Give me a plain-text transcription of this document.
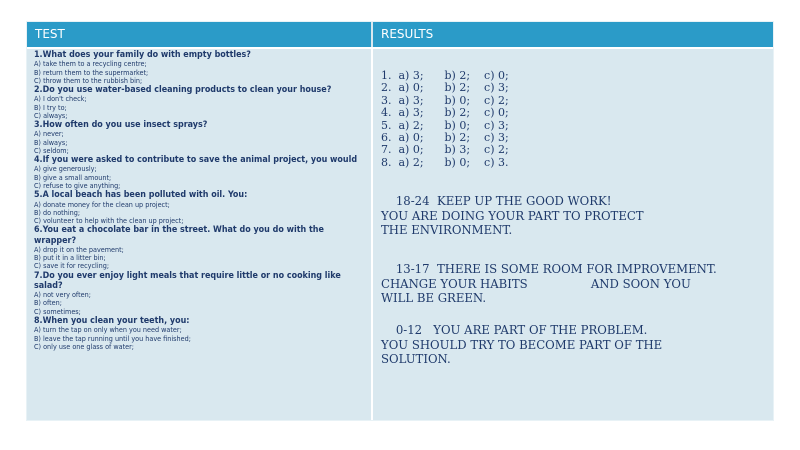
TEST	RESULTS
1.What does your family do with empty bottles?
A) take them to a recycling centre;
B) return them to the supermarket;
C) throw them to the rubbish bin;
2.Do you use water-based cleaning products to clean your house?
A) I don't check;
B) I try to;
C) always;
3.How often do you use insect sprays?
A) never;
B) always;
C) seldom;
4.If you were asked to contribute to save the animal project, you would
A) give generously;
B) give a small amount;
C) refuse to give anything;
5.A local beach has been polluted with oil. You:
A) donate money for the clean up project;
B) do nothing;
C) volunteer to help with the clean up project;
6.You eat a chocolate bar in the street. What do you do with the wrapper?
A) drop it on the pavement;
B) put it in a litter bin;
C) save it for recycling;
7.Do you ever enjoy light meals that require little or no cooking like salad?
A) not very often;
B) often;
C) sometimes;
8.When you clean your teeth, you:
A) turn the tap on only when you need water;
B) leave the tap running until you have finished;
C) only use one glass of water;
1.  a) 3;      b) 2;    c) 0;
2.  a) 0;      b) 2;    c) 3;
3.  a) 3;      b) 0;    c) 2;
4.  a) 3;      b) 2;    c) 0;
5.  a) 2;      b) 0;    c) 3;
6.  a) 0;      b) 2;    c) 3;
7.  a) 0;      b) 3;    c) 2;
8.  a) 2;      b) 0;    c) 3.
18-24  KEEP UP THE GOOD WORK!
YOU ARE DOING YOUR PART TO PROTECT
THE ENVIRONMENT.
13-17  THERE IS SOME ROOM FOR IMPROVEMENT.
CHANGE YOUR HABITS                 AND SOON YOU
WILL BE GREEN.
0-12   YOU ARE PART OF THE PROBLEM.
YOU SHOULD TRY TO BECOME PART OF THE
SOLUTION.
